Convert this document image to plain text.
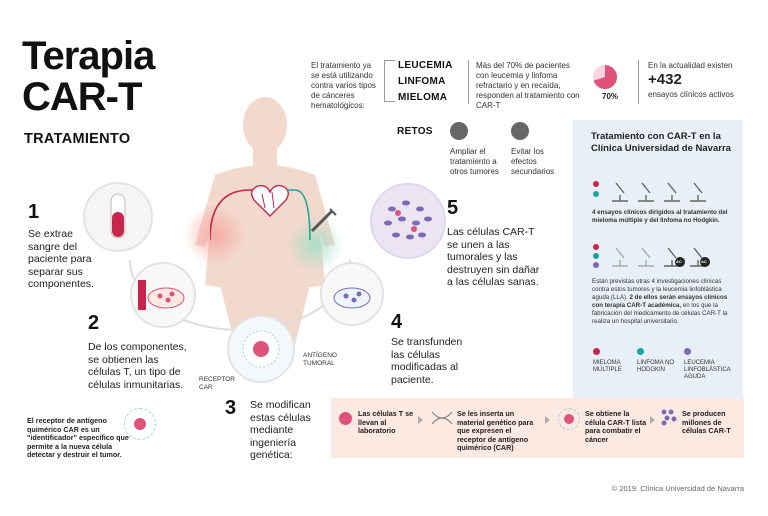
Terapia
CAR-T
TRATAMIENTO
1
Se extrae sangre del paciente para separar sus componentes.
2
De los componentes, se obtienen las células T, un tipo de células inmunitarias.
3 Se modifican estas células mediante ingeniería genética:
4
Se transfunden las células modificadas al paciente.
5
Las células CAR-T se unen a las tumorales y las destruyen sin dañar a las células sanas.
ANTÍGENO TUMORAL
RECEPTOR CAR
El receptor de antígeno quimérico CAR es un "identificador" específico que permite a la nueva célula detectar y destruir el tumor.
El tratamiento ya se está utilizando contra varios tipos de cánceres hematológicos:
LEUCEMIA
LINFOMA
MIELOMA
Más del 70% de pacientes con leucemia y linfoma refractario y en recaída, responden al tratamiento con CAR-T
70%
En la actualidad existen
+432
ensayos clínicos activos
RETOS
Ampliar el tratamiento a otros tumores
Evitar los efectos secundarios
Tratamiento con CAR-T en la Clínica Universidad de Navarra
4 ensayos clínicos dirigidos al tratamiento del mieloma múltiple y del linfoma no Hodgkin.
AC	AC
Están previstas otras 4 investigaciones clínicas contra estos tumores y la leucemia linfoblástica aguda (LLA). 2 de ellos serán ensayos clínicos con terapia CAR-T académica, en los que la fabricación del medicamento de células CAR-T la realiza un hospital universitario.
MIELOMA MÚLTIPLE
LINFOMA NO HODGKIN
LEUCEMIA LINFOBLÁSTICA AGUDA
Las células T se llevan al laboratorio
Se les inserta un material genético para que expresen el receptor de antígeno quimérico (CAR)
Se obtiene la célula CAR-T lista para combatir el cáncer
Se producen millones de células CAR-T
© 2019. Clínica Universidad de Navarra
